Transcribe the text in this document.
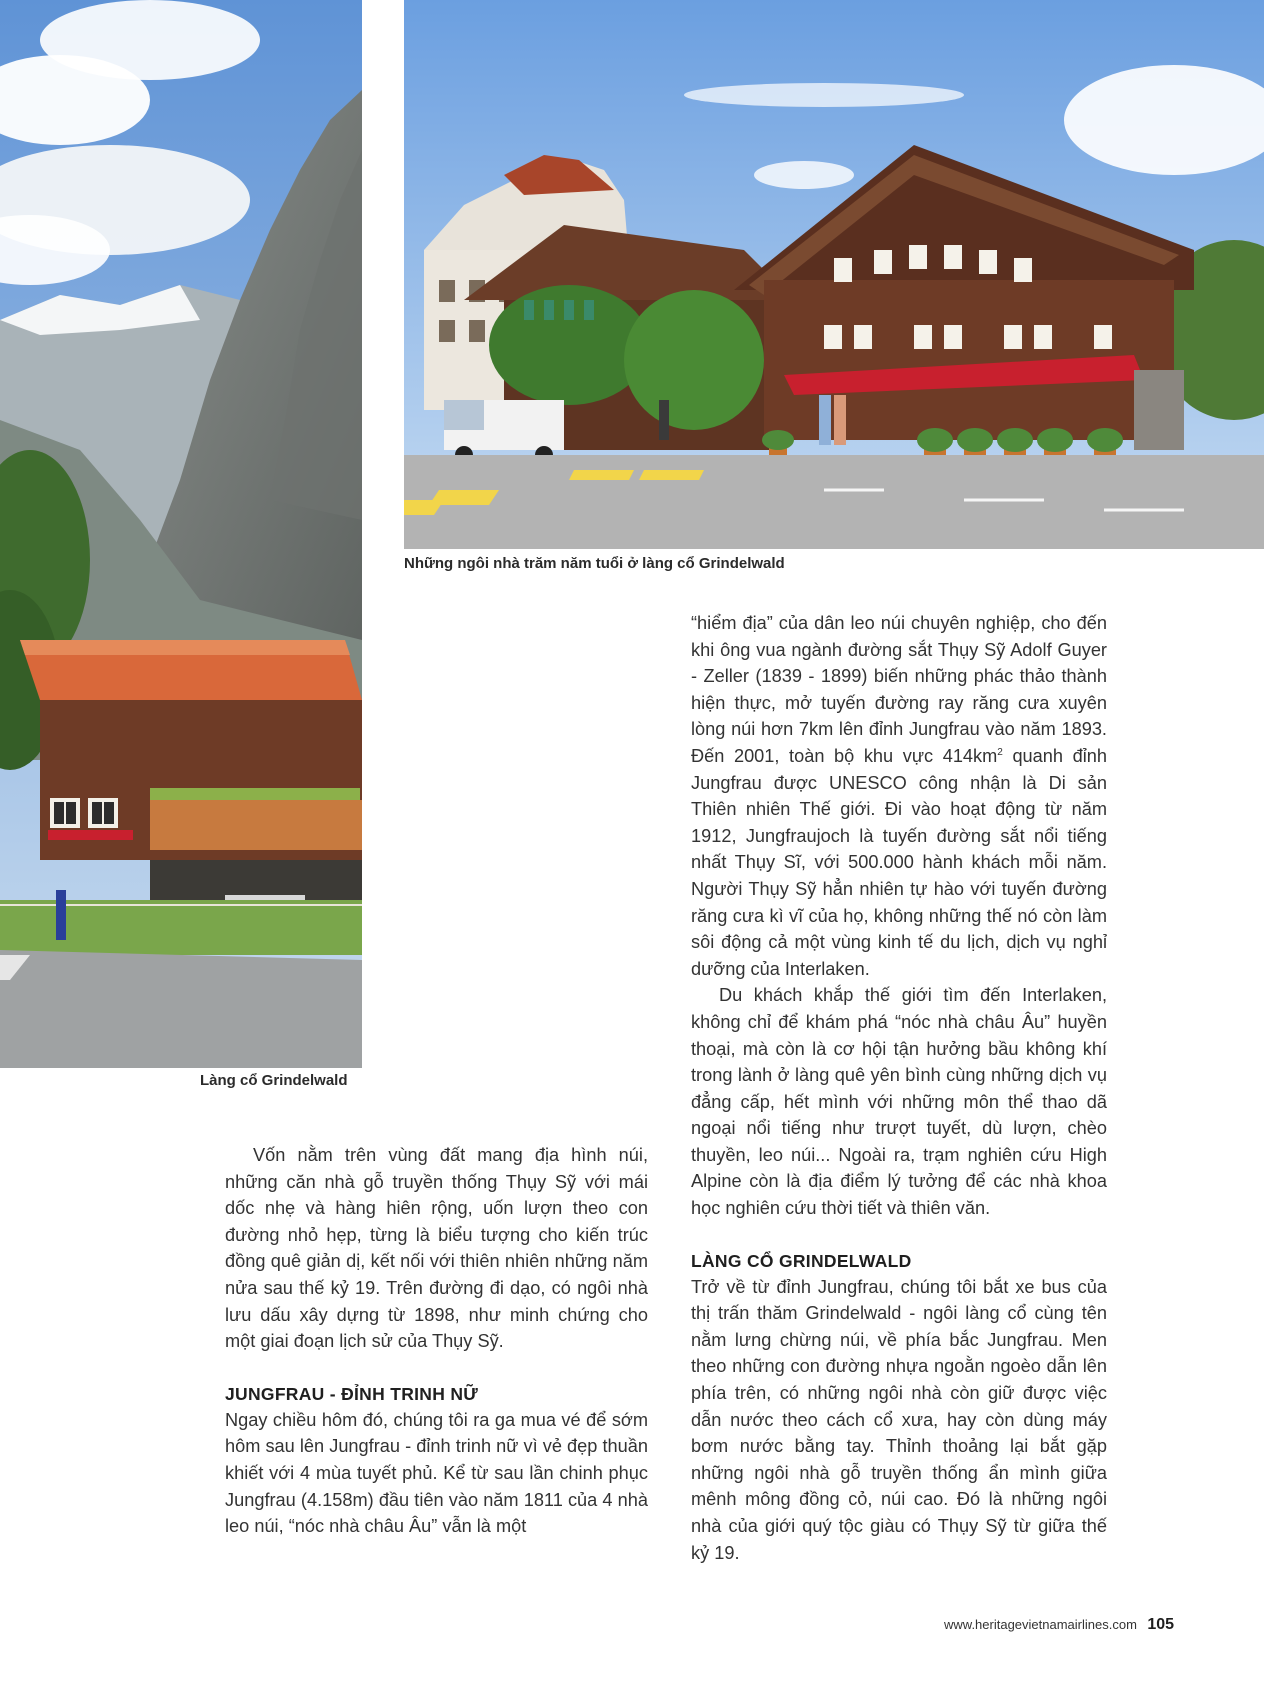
Làng cổ Grindelwald
Những ngôi nhà trăm năm tuổi ở làng cổ Grindelwald

Vốn nằm trên vùng đất mang địa hình núi, những căn nhà gỗ truyền thống Thụy Sỹ với mái dốc nhẹ và hàng hiên rộng, uốn lượn theo con đường nhỏ hẹp, từng là biểu tượng cho kiến trúc đồng quê giản dị, kết nối với thiên nhiên những năm nửa sau thế kỷ 19. Trên đường đi dạo, có ngôi nhà lưu dấu xây dựng từ 1898, như minh chứng cho một giai đoạn lịch sử của Thụy Sỹ.

JUNGFRAU - ĐỈNH TRINH NỮ

Ngay chiều hôm đó, chúng tôi ra ga mua vé để sớm hôm sau lên Jungfrau - đỉnh trinh nữ vì vẻ đẹp thuần khiết với 4 mùa tuyết phủ. Kể từ sau lần chinh phục Jungfrau (4.158m) đầu tiên vào năm 1811 của 4 nhà leo núi, “nóc nhà châu Âu” vẫn là một

“hiểm địa” của dân leo núi chuyên nghiệp, cho đến khi ông vua ngành đường sắt Thụy Sỹ Adolf Guyer - Zeller (1839 - 1899) biến những phác thảo thành hiện thực, mở tuyến đường ray răng cưa xuyên lòng núi hơn 7km lên đỉnh Jungfrau vào năm 1893. Đến 2001, toàn bộ khu vực $414km^2$ quanh đỉnh Jungfrau được UNESCO công nhận là Di sản Thiên nhiên Thế giới. Đi vào hoạt động từ năm 1912, Jungfraujoch là tuyến đường sắt nổi tiếng nhất Thụy Sĩ, với 500.000 hành khách mỗi năm. Người Thụy Sỹ hẳn nhiên tự hào với tuyến đường răng cưa kì vĩ của họ, không những thế nó còn làm sôi động cả một vùng kinh tế du lịch, dịch vụ nghỉ dưỡng của Interlaken.

Du khách khắp thế giới tìm đến Interlaken, không chỉ để khám phá “nóc nhà châu Âu” huyền thoại, mà còn là cơ hội tận hưởng bầu không khí trong lành ở làng quê yên bình cùng những dịch vụ đẳng cấp, hết mình với những môn thể thao dã ngoại nổi tiếng như trượt tuyết, dù lượn, chèo thuyền, leo núi... Ngoài ra, trạm nghiên cứu High Alpine còn là địa điểm lý tưởng để các nhà khoa học nghiên cứu thời tiết và thiên văn.

LÀNG CỔ GRINDELWALD

Trở về từ đỉnh Jungfrau, chúng tôi bắt xe bus của thị trấn thăm Grindelwald - ngôi làng cổ cùng tên nằm lưng chừng núi, về phía bắc Jungfrau. Men theo những con đường nhựa ngoằn ngoèo dẫn lên phía trên, có những ngôi nhà còn giữ được việc dẫn nước theo cách cổ xưa, hay còn dùng máy bơm nước bằng tay. Thỉnh thoảng lại bắt gặp những ngôi nhà gỗ truyền thống ẩn mình giữa mênh mông đồng cỏ, núi cao. Đó là những ngôi nhà của giới quý tộc giàu có Thụy Sỹ từ giữa thế kỷ 19.

www.heritagevietnamairlines.com 105
